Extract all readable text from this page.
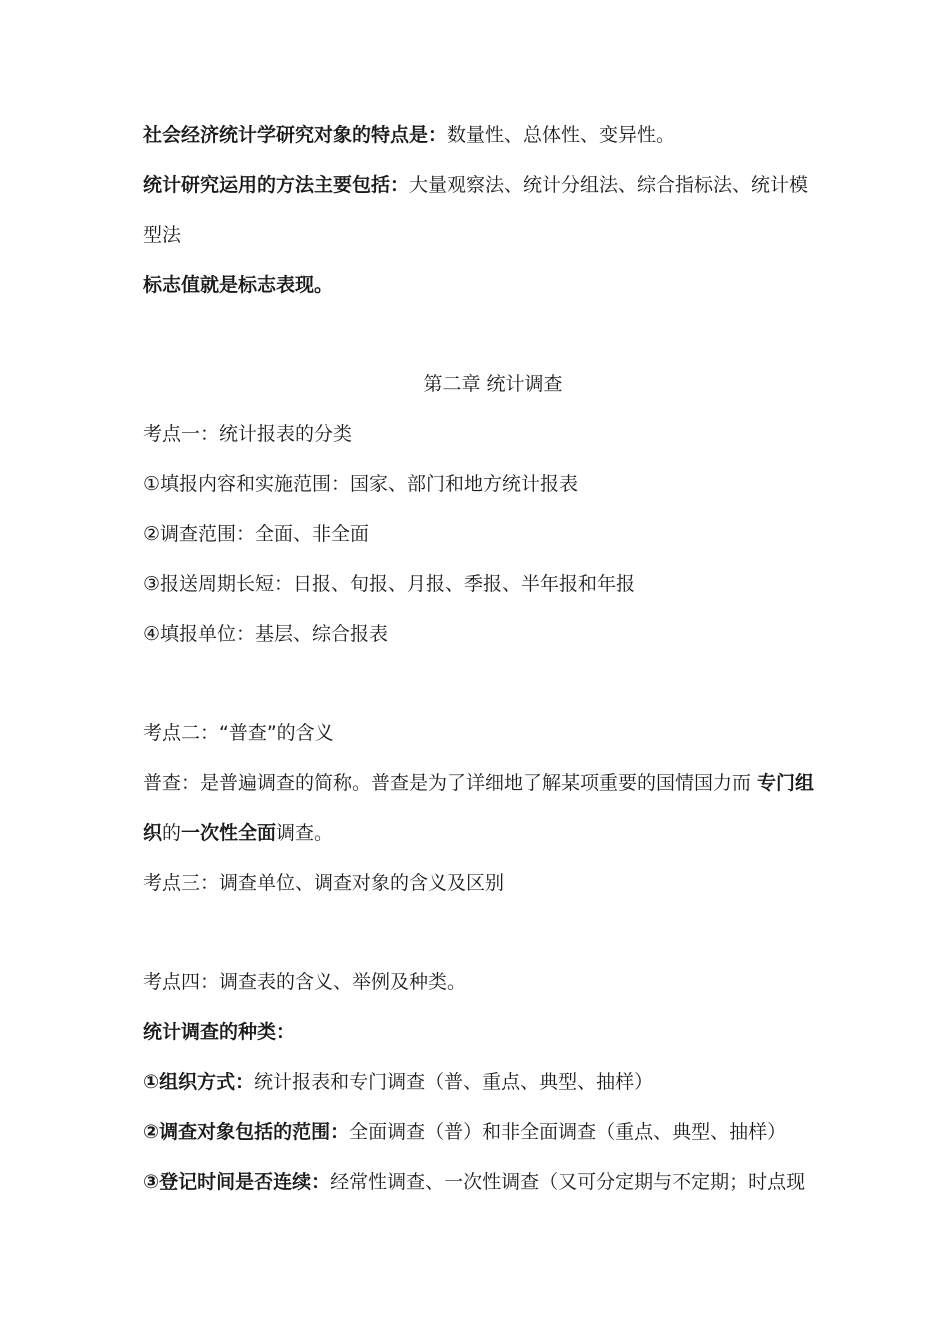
社会经济统计学研究对象的特点是：数量性、总体性、变异性。
统计研究运用的方法主要包括：大量观察法、统计分组法、综合指标法、统计模
型法
标志值就是标志表现。
第二章 统计调查
考点一：统计报表的分类
①填报内容和实施范围：国家、部门和地方统计报表
②调查范围：全面、非全面
③报送周期长短：日报、旬报、月报、季报、半年报和年报
④填报单位：基层、综合报表
考点二：“普查”的含义
普查：是普遍调查的简称。普查是为了详细地了解某项重要的国情国力而 专门组
织的一次性全面调查。
考点三：调查单位、调查对象的含义及区别
考点四：调查表的含义、举例及种类。
统计调查的种类：
①组织方式：统计报表和专门调查（普、重点、典型、抽样）
②调查对象包括的范围：全面调查（普）和非全面调查（重点、典型、抽样）
③登记时间是否连续：经常性调查、一次性调查（又可分定期与不定期；时点现
